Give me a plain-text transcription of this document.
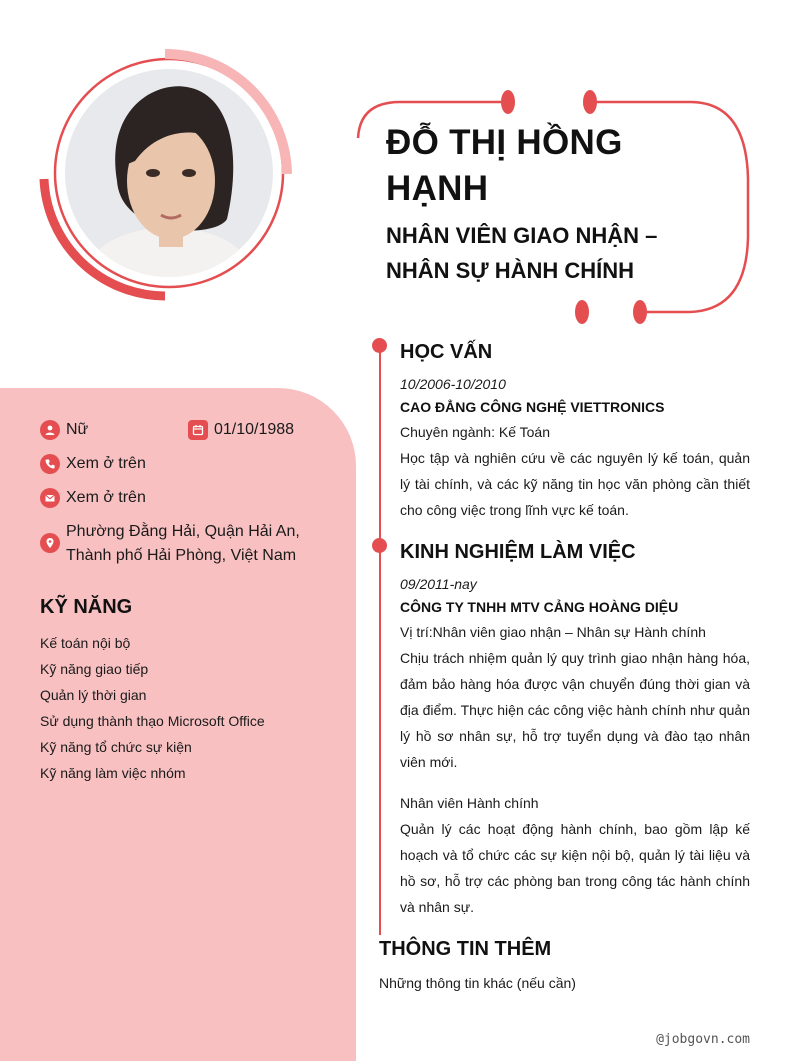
ĐỖ THỊ HỒNG HẠNH
NHÂN VIÊN GIAO NHẬN – NHÂN SỰ HÀNH CHÍNH
Nữ	01/10/1988
Xem ở trên
Xem ở trên
Phường Đằng Hải, Quận Hải An, Thành phố Hải Phòng, Việt Nam
KỸ NĂNG
Kế toán nội bộ
Kỹ năng giao tiếp
Quản lý thời gian
Sử dụng thành thạo Microsoft Office
Kỹ năng tổ chức sự kiện
Kỹ năng làm việc nhóm
HỌC VẤN
10/2006-10/2010
CAO ĐẲNG CÔNG NGHỆ VIETTRONICS
Chuyên ngành: Kế Toán
Học tập và nghiên cứu về các nguyên lý kế toán, quản lý tài chính, và các kỹ năng tin học văn phòng cần thiết cho công việc trong lĩnh vực kế toán.
KINH NGHIỆM LÀM VIỆC
09/2011-nay
CÔNG TY TNHH MTV CẢNG HOÀNG DIỆU
Vị trí:Nhân viên giao nhận – Nhân sự Hành chính
Chịu trách nhiệm quản lý quy trình giao nhận hàng hóa, đảm bảo hàng hóa được vận chuyển đúng thời gian và địa điểm. Thực hiện các công việc hành chính như quản lý hồ sơ nhân sự, hỗ trợ tuyển dụng và đào tạo nhân viên mới.
Nhân viên Hành chính
Quản lý các hoạt động hành chính, bao gồm lập kế hoạch và tổ chức các sự kiện nội bộ, quản lý tài liệu và hồ sơ, hỗ trợ các phòng ban trong công tác hành chính và nhân sự.
THÔNG TIN THÊM
Những thông tin khác (nếu cần)
@jobgovn.com
